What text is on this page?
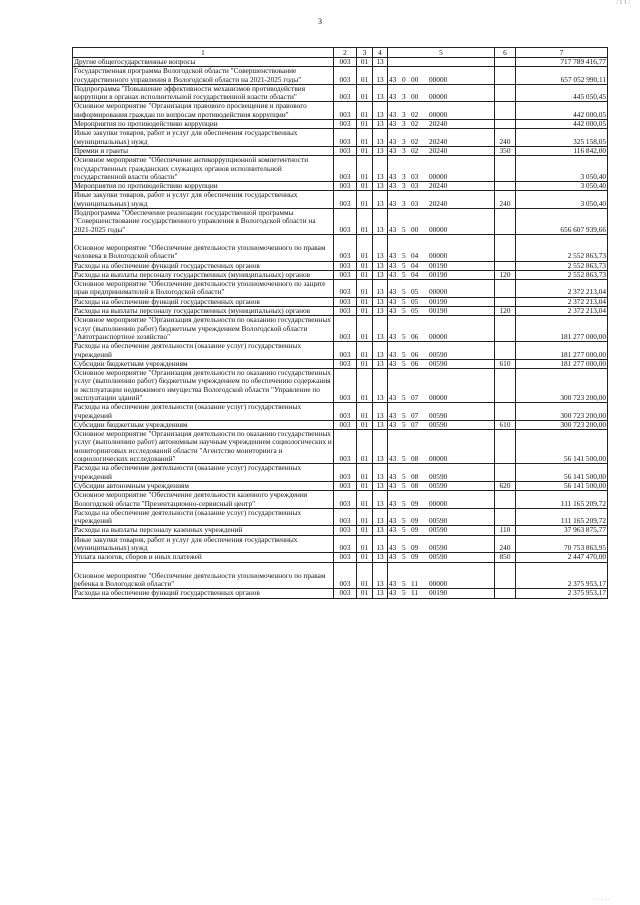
/ 1 1 /
3
1	2	3	4	5	6	7
Другие общегосударственные вопросы	003	01	13			717 789 416,77
Государственная программа Вологодской области "Совершенствование государственного управления в Вологодской области на 2021-2025 годы"	003	01	13	43 0 00 00000		657 052 990,11
Подпрограмма "Повышение эффективности механизмов противодействия коррупции в органах исполнительной государственной власти области"	003	01	13	43 3 00 00000		445 050,45
Основное мероприятие "Организация правового просвещения и правового информирования граждан по вопросам противодействия коррупции"	003	01	13	43 3 02 00000		442 000,05
Мероприятия по противодействию коррупции	003	01	13	43 3 02 20240		442 000,05
Иные закупки товаров, работ и услуг для обеспечения государственных (муниципальных) нужд	003	01	13	43 3 02 20240	240	325 158,05
Премии и гранты	003	01	13	43 3 02 20240	350	116 842,00
Основное мероприятие "Обеспечение антикоррупционной компетентности государственных гражданских служащих органов исполнительной государственной власти области"	003	01	13	43 3 03 00000		3 050,40
Мероприятия по противодействию коррупции	003	01	13	43 3 03 20240		3 050,40
Иные закупки товаров, работ и услуг для обеспечения государственных (муниципальных) нужд	003	01	13	43 3 03 20240	240	3 050,40
Подпрограмма "Обеспечение реализации государственной программы "Совершенствование государственного управления в Вологодской области на 2021-2025 годы"	003	01	13	43 5 00 00000		656 607 939,66
Основное мероприятие "Обеспечение деятельности уполномоченного по правам человека в Вологодской области"	003	01	13	43 5 04 00000		2 552 863,73
Расходы на обеспечение функций государственных органов	003	01	13	43 5 04 00190		2 552 863,73
Расходы на выплаты персоналу государственных (муниципальных) органов	003	01	13	43 5 04 00190	120	2 552 863,73
Основное мероприятие "Обеспечение деятельности уполномоченного по защите прав предпринимателей в Вологодской области"	003	01	13	43 5 05 00000		2 372 213,04
Расходы на обеспечение функций государственных органов	003	01	13	43 5 05 00190		2 372 213,04
Расходы на выплаты персоналу государственных (муниципальных) органов	003	01	13	43 5 05 00190	120	2 372 213,04
Основное мероприятие "Организация деятельности по оказанию государственных услуг (выполнению работ) бюджетным учреждением Вологодской области "Автотранспортное хозяйство"	003	01	13	43 5 06 00000		181 277 000,00
Расходы на обеспечение деятельности (оказание услуг) государственных учреждений	003	01	13	43 5 06 00590		181 277 000,00
Субсидии бюджетным учреждениям	003	01	13	43 5 06 00590	610	181 277 000,00
Основное мероприятие "Организация деятельности по оказанию государственных услуг (выполнению работ) бюджетным учреждением по обеспечению содержания и эксплуатации недвижимого имущества Вологодской области "Управление по эксплуатации зданий"	003	01	13	43 5 07 00000		300 723 200,00
Расходы на обеспечение деятельности (оказание услуг) государственных учреждений	003	01	13	43 5 07 00590		300 723 200,00
Субсидии бюджетным учреждениям	003	01	13	43 5 07 00590	610	300 723 200,00
Основное мероприятие "Организация деятельности по оказанию государственных услуг (выполнению работ) автономным научным учреждением социологических и мониторинговых исследований области "Агентство мониторинга и социологических исследований"	003	01	13	43 5 08 00000		56 141 500,00
Расходы на обеспечение деятельности (оказание услуг) государственных учреждений	003	01	13	43 5 08 00590		56 141 500,00
Субсидии автономным учреждениям	003	01	13	43 5 08 00590	620	56 141 500,00
Основное мероприятие "Обеспечение деятельности казенного учреждения Вологодской области "Презентационно-сервисный центр"	003	01	13	43 5 09 00000		111 165 209,72
Расходы на обеспечение деятельности (оказание услуг) государственных учреждений	003	01	13	43 5 09 00590		111 165 209,72
Расходы на выплаты персоналу казенных учреждений	003	01	13	43 5 09 00590	110	37 963 875,77
Иные закупки товаров, работ и услуг для обеспечения государственных (муниципальных) нужд	003	01	13	43 5 09 00590	240	70 753 863,95
Уплата налогов, сборов и иных платежей	003	01	13	43 5 09 00590	850	2 447 470,00
Основное мероприятие "Обеспечение деятельности уполномоченного по правам ребенка в Вологодской области"	003	01	13	43 5 11 00000		2 375 953,17
Расходы на обеспечение функций государственных органов	003	01	13	43 5 11 00190		2 375 953,17
· · · · ·
